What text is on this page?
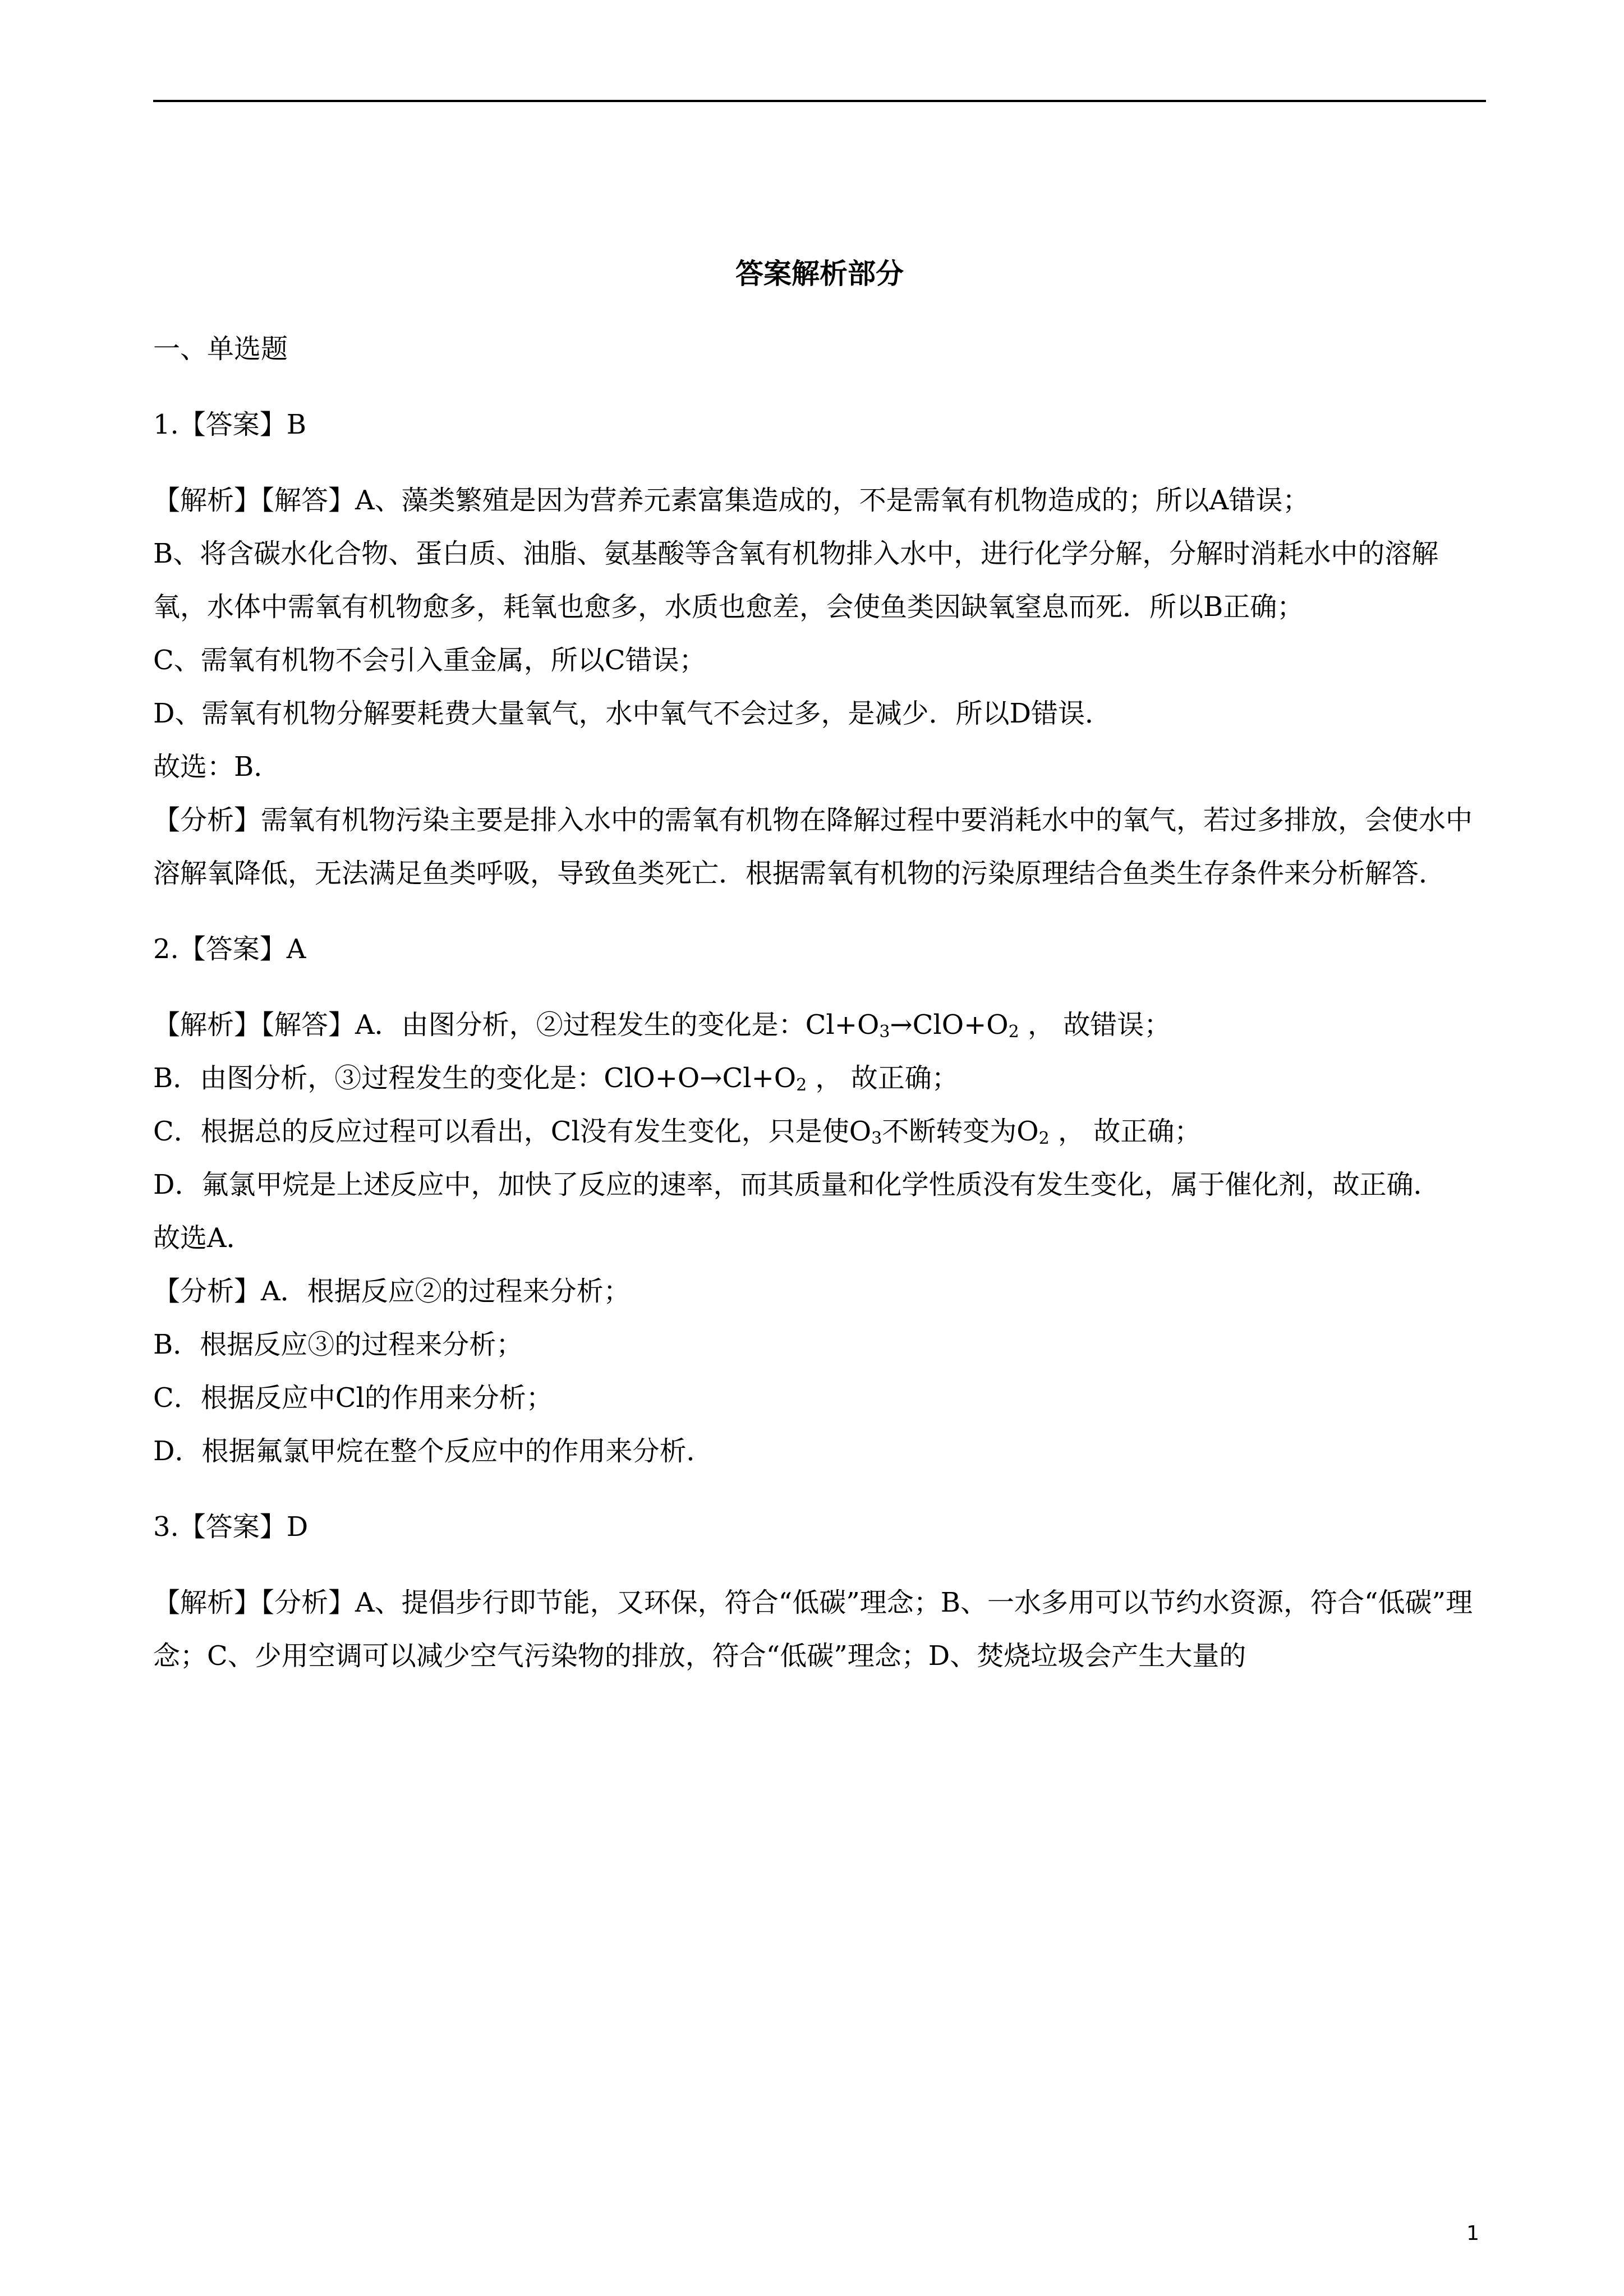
答案解析部分

一、单选题

1.【答案】B

【解析】【解答】A、藻类繁殖是因为营养元素富集造成的，不是需氧有机物造成的；所以A错误；

B、将含碳水化合物、蛋白质、油脂、氨基酸等含氧有机物排入水中，进行化学分解，分解时消耗水中的溶解氧，水体中需氧有机物愈多，耗氧也愈多，水质也愈差，会使鱼类因缺氧窒息而死．所以B正确；

C、需氧有机物不会引入重金属，所以C错误；

D、需氧有机物分解要耗费大量氧气，水中氧气不会过多，是减少．所以D错误．

故选：B．

【分析】需氧有机物污染主要是排入水中的需氧有机物在降解过程中要消耗水中的氧气，若过多排放，会使水中溶解氧降低，无法满足鱼类呼吸，导致鱼类死亡．根据需氧有机物的污染原理结合鱼类生存条件来分析解答．

2.【答案】A

【解析】【解答】A．由图分析，②过程发生的变化是：$Cl+O_3\to ClO+O_2$ ， 故错误；

B．由图分析，③过程发生的变化是：$ClO+O\to Cl+O_2$ ， 故正确；

C．根据总的反应过程可以看出，Cl没有发生变化，只是使$O_3$不断转变为$O_2$ ， 故正确；

D．氟氯甲烷是上述反应中，加快了反应的速率，而其质量和化学性质没有发生变化，属于催化剂，故正确．

故选A．

【分析】A．根据反应②的过程来分析；

B．根据反应③的过程来分析；

C．根据反应中Cl的作用来分析；

D．根据氟氯甲烷在整个反应中的作用来分析．

3.【答案】D

【解析】【分析】A、提倡步行即节能，又环保，符合“低碳”理念；B、一水多用可以节约水资源，符合“低碳”理念；C、少用空调可以减少空气污染物的排放，符合“低碳”理念；D、焚烧垃圾会产生大量的

1
